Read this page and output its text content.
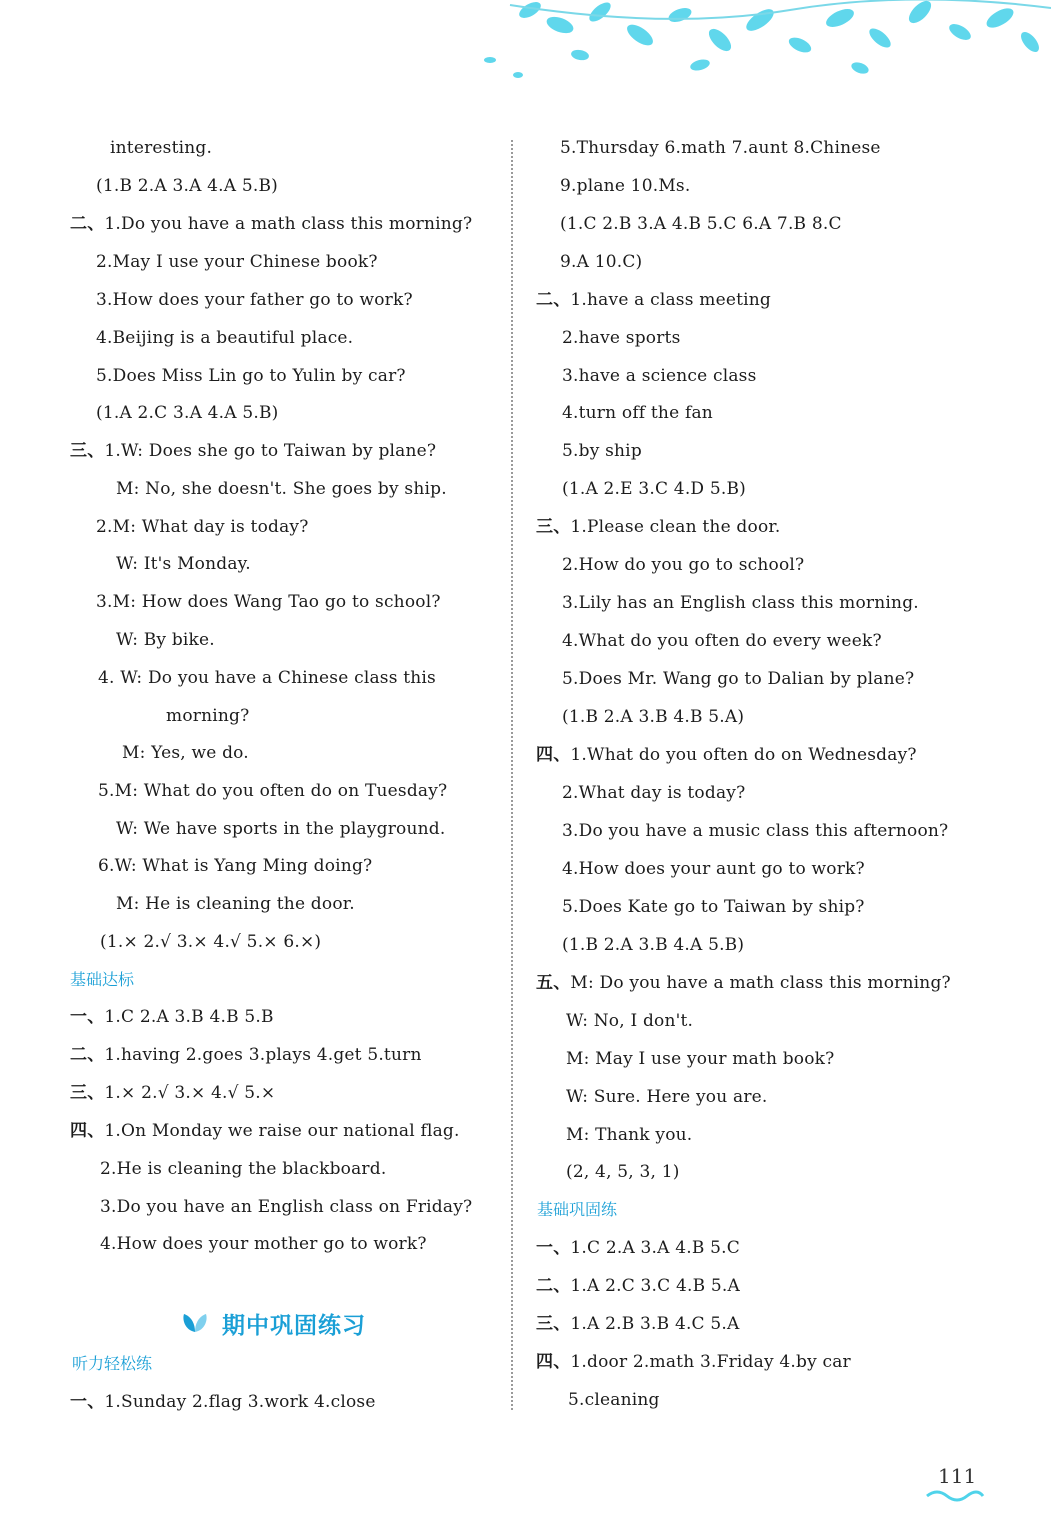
interesting.
(1.B 2.A 3.A 4.A 5.B)
二、1.Do you have a math class this morning?
2.May I use your Chinese book?
3.How does your father go to work?
4.Beijing is a beautiful place.
5.Does Miss Lin go to Yulin by car?
(1.A 2.C 3.A 4.A 5.B)
三、1.W: Does she go to Taiwan by plane?
M: No, she doesn't. She goes by ship.
2.M: What day is today?
W: It's Monday.
3.M: How does Wang Tao go to school?
W: By bike.
4. W: Do you have a Chinese class this
morning?
M: Yes, we do.
5.M: What do you often do on Tuesday?
W: We have sports in the playground.
6.W: What is Yang Ming doing?
M: He is cleaning the door.
(1.× 2.√ 3.× 4.√ 5.× 6.×)
一、1.C 2.A 3.B 4.B 5.B
二、1.having 2.goes 3.plays 4.get 5.turn
三、1.× 2.√ 3.× 4.√ 5.×
四、1.On Monday we raise our national flag.
2.He is cleaning the blackboard.
3.Do you have an English class on Friday?
4.How does your mother go to work?
一、1.Sunday 2.flag 3.work 4.close
5.Thursday 6.math 7.aunt 8.Chinese
9.plane 10.Ms.
(1.C 2.B 3.A 4.B 5.C 6.A 7.B 8.C
9.A 10.C)
二、1.have a class meeting
2.have sports
3.have a science class
4.turn off the fan
5.by ship
(1.A 2.E 3.C 4.D 5.B)
三、1.Please clean the door.
2.How do you go to school?
3.Lily has an English class this morning.
4.What do you often do every week?
5.Does Mr. Wang go to Dalian by plane?
(1.B 2.A 3.B 4.B 5.A)
四、1.What do you often do on Wednesday?
2.What day is today?
3.Do you have a music class this afternoon?
4.How does your aunt go to work?
5.Does Kate go to Taiwan by ship?
(1.B 2.A 3.B 4.A 5.B)
五、M: Do you have a math class this morning?
W: No, I don't.
M: May I use your math book?
W: Sure. Here you are.
M: Thank you.
(2, 4, 5, 3, 1)
一、1.C 2.A 3.A 4.B 5.C
二、1.A 2.C 3.C 4.B 5.A
三、1.A 2.B 3.B 4.C 5.A
四、1.door 2.math 3.Friday 4.by car
5.cleaning
基础达标
听力轻松练
基础巩固练
期中巩固练习
111
